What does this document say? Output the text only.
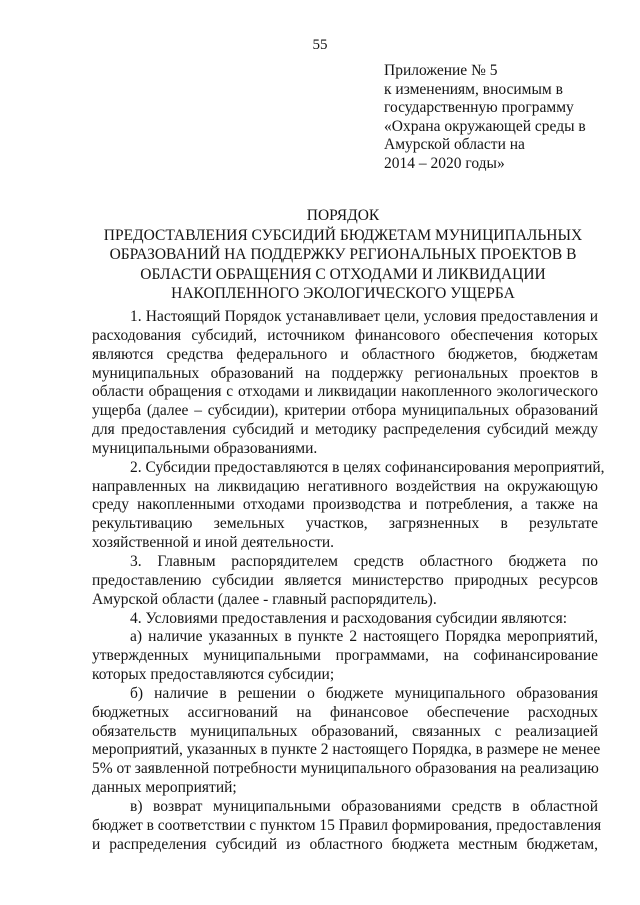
55
Приложение № 5
к изменениям, вносимым в
государственную программу
«Охрана окружающей среды в
Амурской области на
2014 – 2020 годы»
ПОРЯДОК
ПРЕДОСТАВЛЕНИЯ СУБСИДИЙ БЮДЖЕТАМ МУНИЦИПАЛЬНЫХ
ОБРАЗОВАНИЙ НА ПОДДЕРЖКУ РЕГИОНАЛЬНЫХ ПРОЕКТОВ В
ОБЛАСТИ ОБРАЩЕНИЯ С ОТХОДАМИ И ЛИКВИДАЦИИ
НАКОПЛЕННОГО ЭКОЛОГИЧЕСКОГО УЩЕРБА
1. Настоящий Порядок устанавливает цели, условия предоставления и
расходования субсидий, источником финансового обеспечения которых
являются средства федерального и областного бюджетов, бюджетам
муниципальных образований на поддержку региональных проектов в
области обращения с отходами и ликвидации накопленного экологического
ущерба (далее – субсидии), критерии отбора муниципальных образований
для предоставления субсидий и методику распределения субсидий между
муниципальными образованиями.
2. Субсидии предоставляются в целях софинансирования мероприятий,
направленных на ликвидацию негативного воздействия на окружающую
среду накопленными отходами производства и потребления, а также на
рекультивацию земельных участков, загрязненных в результате
хозяйственной и иной деятельности.
3. Главным распорядителем средств областного бюджета по
предоставлению субсидии является министерство природных ресурсов
Амурской области (далее - главный распорядитель).
4. Условиями предоставления и расходования субсидии являются:
а) наличие указанных в пункте 2 настоящего Порядка мероприятий,
утвержденных муниципальными программами, на софинансирование
которых предоставляются субсидии;
б) наличие в решении о бюджете муниципального образования
бюджетных ассигнований на финансовое обеспечение расходных
обязательств муниципальных образований, связанных с реализацией
мероприятий, указанных в пункте 2 настоящего Порядка, в размере не менее
5% от заявленной потребности муниципального образования на реализацию
данных мероприятий;
в) возврат муниципальными образованиями средств в областной
бюджет в соответствии с пунктом 15 Правил формирования, предоставления
и распределения субсидий из областного бюджета местным бюджетам,
